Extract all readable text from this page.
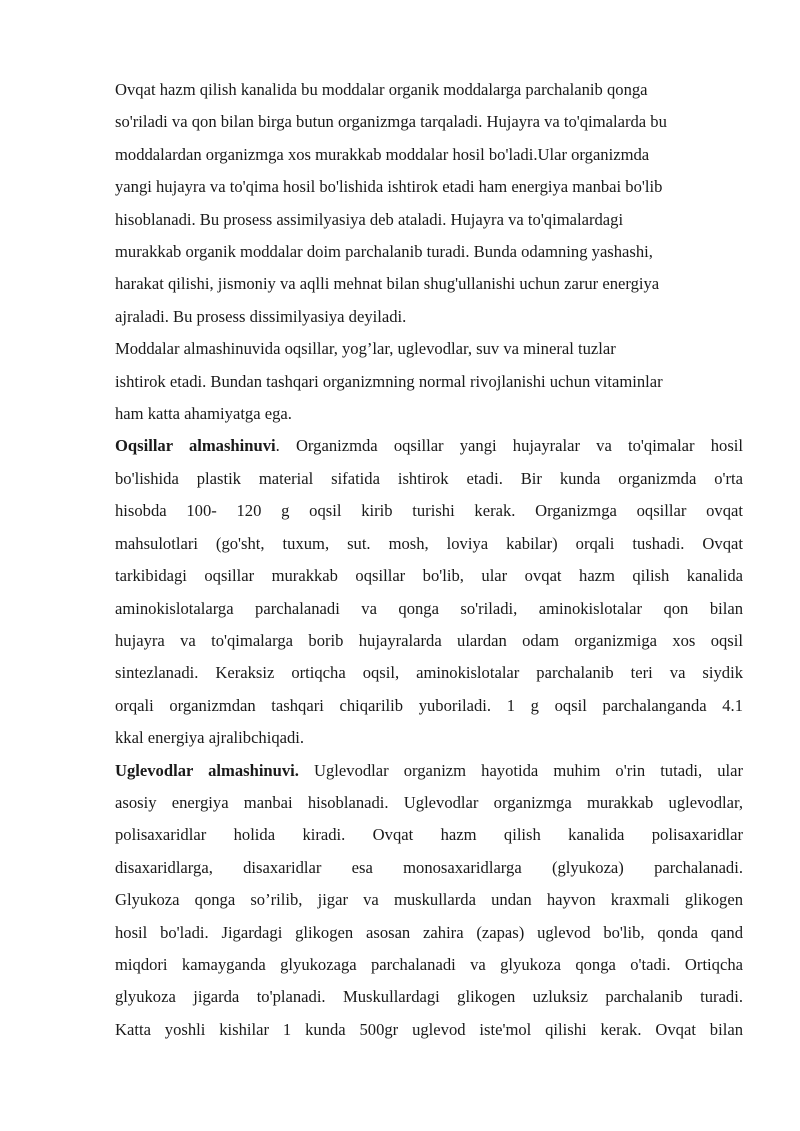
Ovqat hazm qilish kanalida bu moddalar organik moddalarga parchalanib qonga
so'riladi va qon bilan birga butun organizmga tarqaladi. Hujayra va to'qimalarda bu
moddalardan organizmga xos murakkab moddalar hosil bo'ladi.Ular organizmda
yangi hujayra va to'qima hosil bo'lishida ishtirok etadi ham energiya manbai bo'lib
hisoblanadi. Bu prosess assimilyasiya deb ataladi. Hujayra va to'qimalardagi
murakkab organik moddalar doim parchalanib turadi. Bunda odamning yashashi,
harakat qilishi, jismoniy va aqlli mehnat bilan shug'ullanishi uchun zarur energiya
ajraladi. Bu prosess dissimilyasiya deyiladi.
Moddalar almashinuvida oqsillar, yog’lar, uglevodlar, suv va mineral tuzlar
ishtirok etadi. Bundan tashqari organizmning normal rivojlanishi uchun vitaminlar
ham katta ahamiyatga ega.
Oqsillar almashinuvi. Organizmda oqsillar yangi hujayralar va to'qimalar hosil
bo'lishida plastik material sifatida ishtirok etadi. Bir kunda organizmda o'rta
hisobda 100- 120 g oqsil kirib turishi kerak. Organizmga oqsillar ovqat
mahsulotlari (go'sht, tuxum, sut. mosh, loviya kabilar) orqali tushadi. Ovqat
tarkibidagi oqsillar murakkab oqsillar bo'lib, ular ovqat hazm qilish kanalida
aminokislotalarga parchalanadi va qonga so'riladi, aminokislotalar qon bilan
hujayra va to'qimalarga borib hujayralarda ulardan odam organizmiga xos oqsil
sintezlanadi. Keraksiz ortiqcha oqsil, aminokislotalar parchalanib teri va siydik
orqali organizmdan tashqari chiqarilib yuboriladi. 1 g oqsil parchalanganda 4.1
kkal energiya ajralibchiqadi.
Uglevodlar almashinuvi. Uglevodlar organizm hayotida muhim o'rin tutadi, ular
asosiy energiya manbai hisoblanadi. Uglevodlar organizmga murakkab uglevodlar,
polisaxaridlar holida kiradi. Ovqat hazm qilish kanalida polisaxaridlar
disaxaridlarga, disaxaridlar esa monosaxaridlarga (glyukoza) parchalanadi.
Glyukoza qonga so’rilib, jigar va muskullarda undan hayvon kraxmali glikogen
hosil bo'ladi. Jigardagi glikogen asosan zahira (zapas) uglevod bo'lib, qonda qand
miqdori kamayganda glyukozaga parchalanadi va glyukoza qonga o'tadi. Ortiqcha
glyukoza jigarda to'planadi. Muskullardagi glikogen uzluksiz parchalanib turadi.
Katta yoshli kishilar 1 kunda 500gr uglevod iste'mol qilishi kerak. Ovqat bilan
